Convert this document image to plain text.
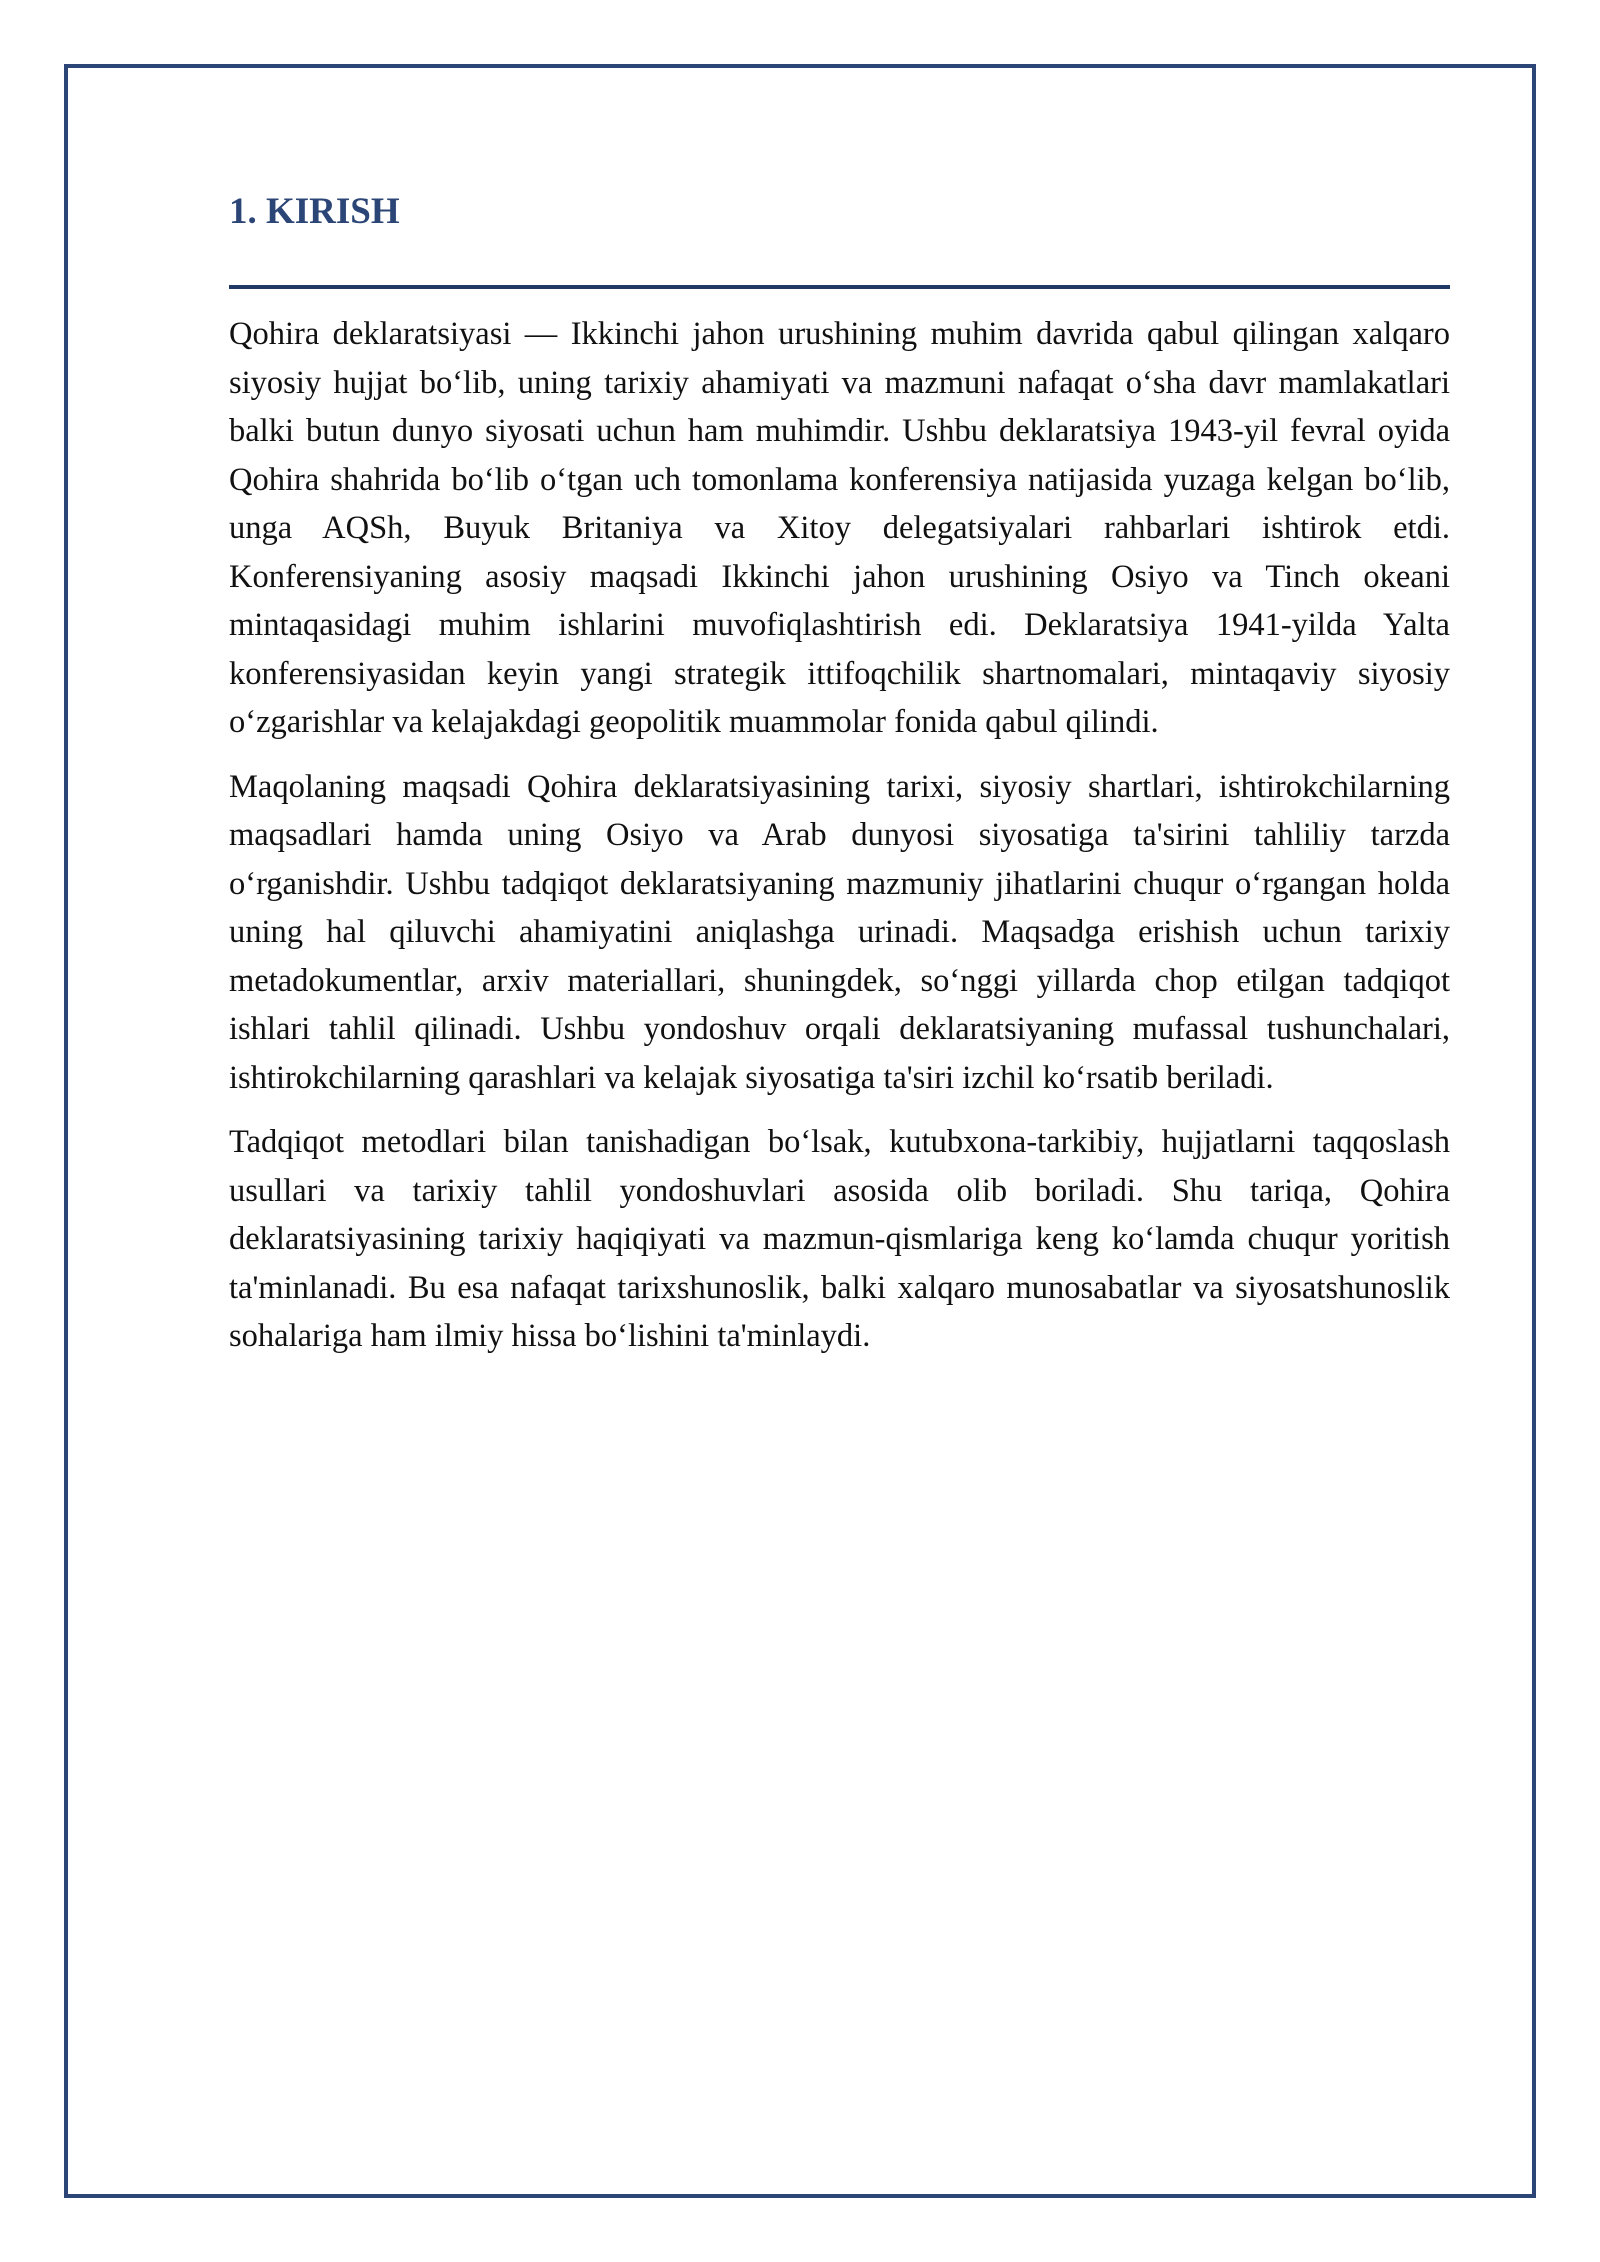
1. KIRISH

Qohira deklaratsiyasi — Ikkinchi jahon urushining muhim davrida qabul qilingan xalqaro siyosiy hujjat bo‘lib, uning tarixiy ahamiyati va mazmuni nafaqat o‘sha davr mamlakatlari balki butun dunyo siyosati uchun ham muhimdir. Ushbu deklaratsiya 1943-yil fevral oyida Qohira shahrida bo‘lib o‘tgan uch tomonlama konferensiya natijasida yuzaga kelgan bo‘lib, unga AQSh, Buyuk Britaniya va Xitoy delegatsiyalari rahbarlari ishtirok etdi. Konferensiyaning asosiy maqsadi Ikkinchi jahon urushining Osiyo va Tinch okeani mintaqasidagi muhim ishlarini muvofiqlashtirish edi. Deklaratsiya 1941-yilda Yalta konferensiyasidan keyin yangi strategik ittifoqchilik shartnomalari, mintaqaviy siyosiy o‘zgarishlar va kelajakdagi geopolitik muammolar fonida qabul qilindi.

Maqolaning maqsadi Qohira deklaratsiyasining tarixi, siyosiy shartlari, ishtirokchilarning maqsadlari hamda uning Osiyo va Arab dunyosi siyosatiga ta'sirini tahliliy tarzda o‘rganishdir. Ushbu tadqiqot deklaratsiyaning mazmuniy jihatlarini chuqur o‘rgangan holda uning hal qiluvchi ahamiyatini aniqlashga urinadi. Maqsadga erishish uchun tarixiy metadokumentlar, arxiv materiallari, shuningdek, so‘nggi yillarda chop etilgan tadqiqot ishlari tahlil qilinadi. Ushbu yondoshuv orqali deklaratsiyaning mufassal tushunchalari, ishtirokchilarning qarashlari va kelajak siyosatiga ta'siri izchil ko‘rsatib beriladi.

Tadqiqot metodlari bilan tanishadigan bo‘lsak, kutubxona-tarkibiy, hujjatlarni taqqoslash usullari va tarixiy tahlil yondoshuvlari asosida olib boriladi. Shu tariqa, Qohira deklaratsiyasining tarixiy haqiqiyati va mazmun-qismlariga keng ko‘lamda chuqur yoritish ta'minlanadi. Bu esa nafaqat tarixshunoslik, balki xalqaro munosabatlar va siyosatshunoslik sohalariga ham ilmiy hissa bo‘lishini ta'minlaydi.
